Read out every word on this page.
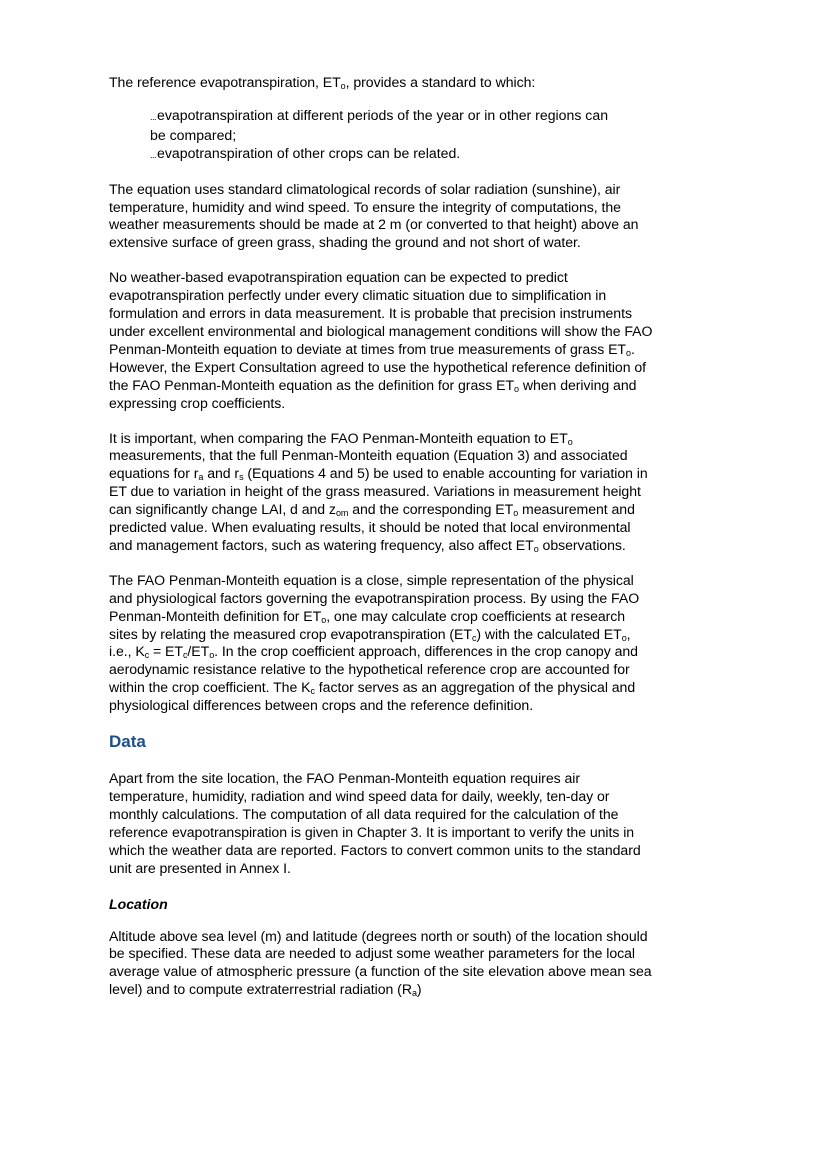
The reference evapotranspiration, $ET_o$, provides a standard to which:

...evapotranspiration at different periods of the year or in other regions can be compared;
...evapotranspiration of other crops can be related.

The equation uses standard climatological records of solar radiation (sunshine), air temperature, humidity and wind speed. To ensure the integrity of computations, the weather measurements should be made at 2 m (or converted to that height) above an extensive surface of green grass, shading the ground and not short of water.

No weather-based evapotranspiration equation can be expected to predict evapotranspiration perfectly under every climatic situation due to simplification in formulation and errors in data measurement. It is probable that precision instruments under excellent environmental and biological management conditions will show the FAO Penman-Monteith equation to deviate at times from true measurements of grass $ET_o$. However, the Expert Consultation agreed to use the hypothetical reference definition of the FAO Penman-Monteith equation as the definition for grass $ET_o$ when deriving and expressing crop coefficients.

It is important, when comparing the FAO Penman-Monteith equation to $ET_o$ measurements, that the full Penman-Monteith equation (Equation 3) and associated equations for $r_a$ and $r_s$ (Equations 4 and 5) be used to enable accounting for variation in ET due to variation in height of the grass measured. Variations in measurement height can significantly change LAI, d and $z_{om}$ and the corresponding $ET_o$ measurement and predicted value. When evaluating results, it should be noted that local environmental and management factors, such as watering frequency, also affect $ET_o$ observations.

The FAO Penman-Monteith equation is a close, simple representation of the physical and physiological factors governing the evapotranspiration process. By using the FAO Penman-Monteith definition for $ET_o$, one may calculate crop coefficients at research sites by relating the measured crop evapotranspiration $(ET_c)$ with the calculated $ET_o$, i.e., $K_c = ET_c/ET_o$. In the crop coefficient approach, differences in the crop canopy and aerodynamic resistance relative to the hypothetical reference crop are accounted for within the crop coefficient. The $K_c$ factor serves as an aggregation of the physical and physiological differences between crops and the reference definition.

Data

Apart from the site location, the FAO Penman-Monteith equation requires air temperature, humidity, radiation and wind speed data for daily, weekly, ten-day or monthly calculations. The computation of all data required for the calculation of the reference evapotranspiration is given in Chapter 3. It is important to verify the units in which the weather data are reported. Factors to convert common units to the standard unit are presented in Annex I.

Location

Altitude above sea level (m) and latitude (degrees north or south) of the location should be specified. These data are needed to adjust some weather parameters for the local average value of atmospheric pressure (a function of the site elevation above mean sea level) and to compute extraterrestrial radiation $(R_a)$
